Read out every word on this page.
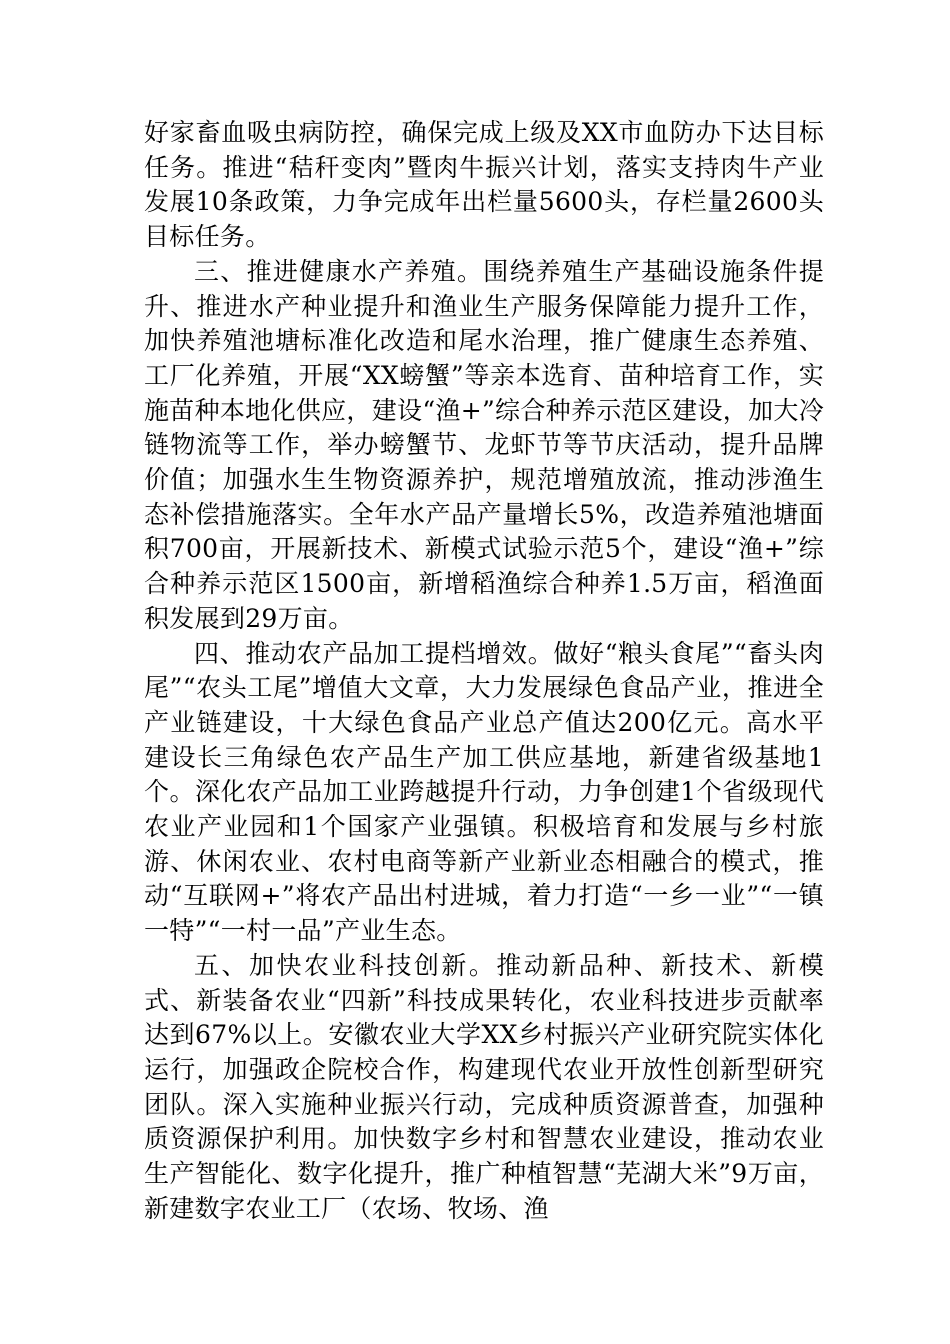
好家畜血吸虫病防控，确保完成上级及XX市血防办下达目标任务。推进“秸秆变肉”暨肉牛振兴计划，落实支持肉牛产业发展10条政策，力争完成年出栏量5600头，存栏量2600头目标任务。

三、推进健康水产养殖。围绕养殖生产基础设施条件提升、推进水产种业提升和渔业生产服务保障能力提升工作，加快养殖池塘标准化改造和尾水治理，推广健康生态养殖、工厂化养殖，开展“XX螃蟹”等亲本选育、苗种培育工作，实施苗种本地化供应，建设“渔+”综合种养示范区建设，加大冷链物流等工作，举办螃蟹节、龙虾节等节庆活动，提升品牌价值；加强水生生物资源养护，规范增殖放流，推动涉渔生态补偿措施落实。全年水产品产量增长5%，改造养殖池塘面积700亩，开展新技术、新模式试验示范5个，建设“渔+”综合种养示范区1500亩，新增稻渔综合种养1.5万亩，稻渔面积发展到29万亩。

四、推动农产品加工提档增效。做好“粮头食尾”“畜头肉尾”“农头工尾”增值大文章，大力发展绿色食品产业，推进全产业链建设，十大绿色食品产业总产值达200亿元。高水平建设长三角绿色农产品生产加工供应基地，新建省级基地1个。深化农产品加工业跨越提升行动，力争创建1个省级现代农业产业园和1个国家产业强镇。积极培育和发展与乡村旅游、休闲农业、农村电商等新产业新业态相融合的模式，推动“互联网+”将农产品出村进城，着力打造“一乡一业”“一镇一特”“一村一品”产业生态。

五、加快农业科技创新。推动新品种、新技术、新模式、新装备农业“四新”科技成果转化，农业科技进步贡献率达到67%以上。安徽农业大学XX乡村振兴产业研究院实体化运行，加强政企院校合作，构建现代农业开放性创新型研究团队。深入实施种业振兴行动，完成种质资源普查，加强种质资源保护利用。加快数字乡村和智慧农业建设，推动农业生产智能化、数字化提升，推广种植智慧“芜湖大米”9万亩，新建数字农业工厂（农场、牧场、渔
